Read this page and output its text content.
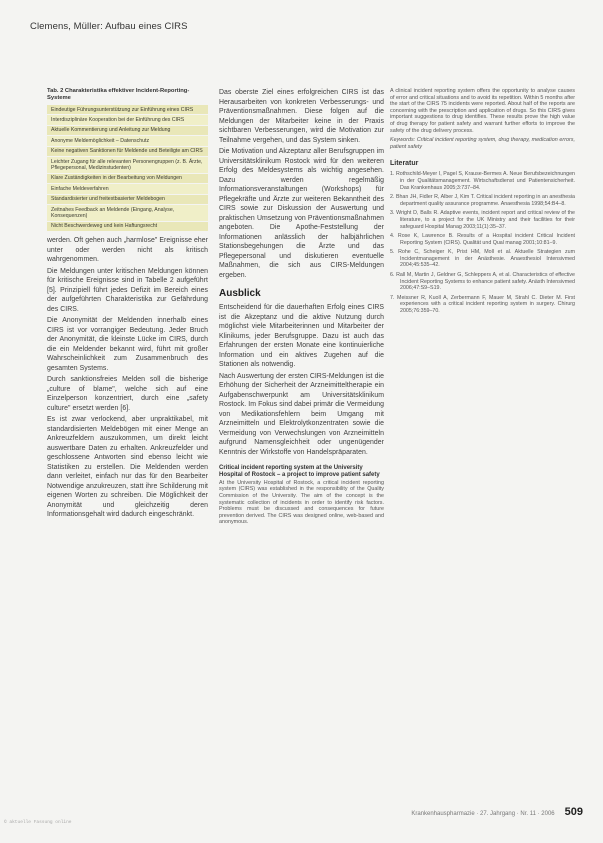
Clemens, Müller: Aufbau eines CIRS
Tab. 2 Charakteristika effektiver Incident-Reporting-Systeme
Eindeutige Führungsunterstützung zur Einführung eines CIRS
Interdisziplinäre Kooperation bei der Einführung des CIRS
Aktuelle Kommentierung und Anleitung zur Meldung
Anonyme Meldemöglichkeit – Datenschutz
Keine negativen Sanktionen für Meldende und Beteiligte am CIRS
Leichter Zugang für alle relevanten Personengruppen (z. B. Ärzte, Pflegepersonal, Medizinstudenten)
Klare Zuständigkeiten in der Bearbeitung von Meldungen
Einfache Meldeverfahren
Standardisierter und freitextbasierter Meldebogen
Zeitnahes Feedback an Meldende (Eingang, Analyse, Konsequenzen)
Nicht Beschwerdeweg und kein Haftungsrecht

werden. Oft gehen auch „harmlose" Ereignisse eher unter oder werden nicht als kritisch wahrgenommen.

Die Meldungen unter kritischen Meldungen können für kritische Ereignisse sind in Tabelle 2 aufgeführt [5]. Prinzipiell führt jedes Defizit im Bereich eines der aufgeführten Charakteristika zur Gefährdung des CIRS.

Die Anonymität der Meldenden innerhalb eines CIRS ist vor vorrangiger Bedeutung. Jeder Bruch der Anonymität, die kleinste Lücke im CIRS, durch die ein Meldender bekannt wird, führt mit großer Wahrscheinlichkeit zum Zusammenbruch des gesamten Systems.

Durch sanktionsfreies Melden soll die bisherige „culture of blame", welche sich auf eine Einzelperson konzentriert, durch eine „safety culture" ersetzt werden [6].

Es ist zwar verlockend, aber unpraktikabel, mit standardisierten Meldebögen mit einer Menge an Ankreuzfeldern auszukommen, um direkt leicht auswertbare Daten zu erhalten. Ankreuzfelder und geschlossene Antworten sind ebenso leicht wie Statistiken zu erstellen. Die Meldenden werden dann verleitet, einfach nur das für den Bearbeiter Notwendige anzukreuzen, statt ihre Schilderung mit eigenen Worten zu schreiben. Die Möglichkeit der Anonymität und gleichzeitig deren Informationsgehalt wird dadurch eingeschränkt.

Das oberste Ziel eines erfolgreichen CIRS ist das Herausarbeiten von konkreten Verbesserungs- und Präventionsmaßnahmen. Diese folgen auf die Meldungen der Mitarbeiter keine in der Praxis sichtbaren Verbesserungen, wird die Motivation zur Teilnahme vergehen, und das System sinken.

Die Motivation und Akzeptanz aller Berufsgruppen im Universitätsklinikum Rostock wird für den weiteren Erfolg des Meldesystems als wichtig angesehen. Dazu werden regelmäßig Informationsveranstaltungen (Workshops) für Pflegekräfte und Ärzte zur weiteren Bekanntheit des CIRS sowie zur Diskussion der Auswertung und praktischen Umsetzung von Präventionsmaßnahmen angeboten. Die Apothe-Feststellung der Informationen anlässlich der halbjährlichen Stationsbegehungen die Ärzte und das Pflegepersonal und diskutieren eventuelle Maßnahmen, die sich aus CIRS-Meldungen ergeben.

Ausblick

Entscheidend für die dauerhaften Erfolg eines CIRS ist die Akzeptanz und die aktive Nutzung durch möglichst viele Mitarbeiterinnen und Mitarbeiter der Klinikums, jeder Berufsgruppe. Dazu ist auch das Erfahrungen der ersten Monate eine kontinuierliche Information und ein aktives Zugehen auf die Stationen als notwendig.

Nach Auswertung der ersten CIRS-Meldungen ist die Erhöhung der Sicherheit der Arzneimitteltherapie ein Aufgabenschwerpunkt am Universitätsklinikum Rostock. Im Fokus sind dabei primär die Vermeidung von Medikationsfehlern beim Umgang mit Arzneimitteln und Elektrolytkonzentraten sowie die Vermeidung von Verwechslungen von Arzneimitteln aufgrund Namensgleichheit oder ungenügender Kenntnis der Wirkstoffe von Handelspräparaten.

Critical incident reporting system at the University Hospital of Rostock – a project to improve patient safety

At the University Hospital of Rostock, a critical incident reporting system (CIRS) was established in the responsibility of the Quality Commission of the University. The aim of the concept is the systematic collection of incidents in order to identify risk factors. Problems must be discussed and consequences for future prevention derived. The CIRS was designed online, web-based and anonymous.

A clinical incident reporting system offers the opportunity to analyse causes of error and critical situations and to avoid its repetition. Within 5 months after the start of the CIRS 75 incidents were reported. About half of the reports are concerning with the prescription and application of drugs. So this CIRS gives important suggestions to drug identifies. These results prove the high value of drug therapy for patient safety and warrant further efforts to improve the safety of the drug delivery process.

Keywords: Critical incident reporting system, drug therapy, medication errors, patient safety

Literatur
1. Rothschild-Meyer I, Pagel S, Krause-Bermes A. Neue Berufsbezeichnungen in der Qualitätsmanagement. Wirtschaftsdienst und Patientensicherheit. Das Krankenhaus 2005;3:737–84.
2. Bhan JH, Fidler R, Alber J, Kim T. Critical incident reporting in an anesthesia department quality assurance programme. Anaesthesia 1998;54:B4–8.
3. Wright D, Balls R. Adaptive events, incident report and critical review of the literature, to a project for the UK Ministry and their facilities for their safeguard Hospital Manag 2003;11(1):35–37.
4. Rose K, Lawrence B. Results of a Hospital incident Critical Incident Reporting System (CIRS). Qualität und Qual manag 2001;10:81–9.
5. Rohe C, Scheiger K, Prist HM, Moll et al. Aktuelle Strategien zum Incidentmanagement in der Anästhesie. Anaesthesiol Intensivmed 2004;45:535–42.
6. Rall M, Martin J, Geldner G, Schleppers A, et al. Characteristics of effective Incident Reporting Systems to enhance patient safety. Anästh Intensivmed 2006;47:S9–S19.
7. Meissner R, Kuoll A, Zerbermann F, Mauer M, Strahl C. Dieter M. First experiences with a critical incident reporting system in surgery. Chirurg 2005;76:359–70.
Krankenhauspharmazie · 27. Jahrgang · Nr. 11 · 2006 509
© aktuelle Fassung online
